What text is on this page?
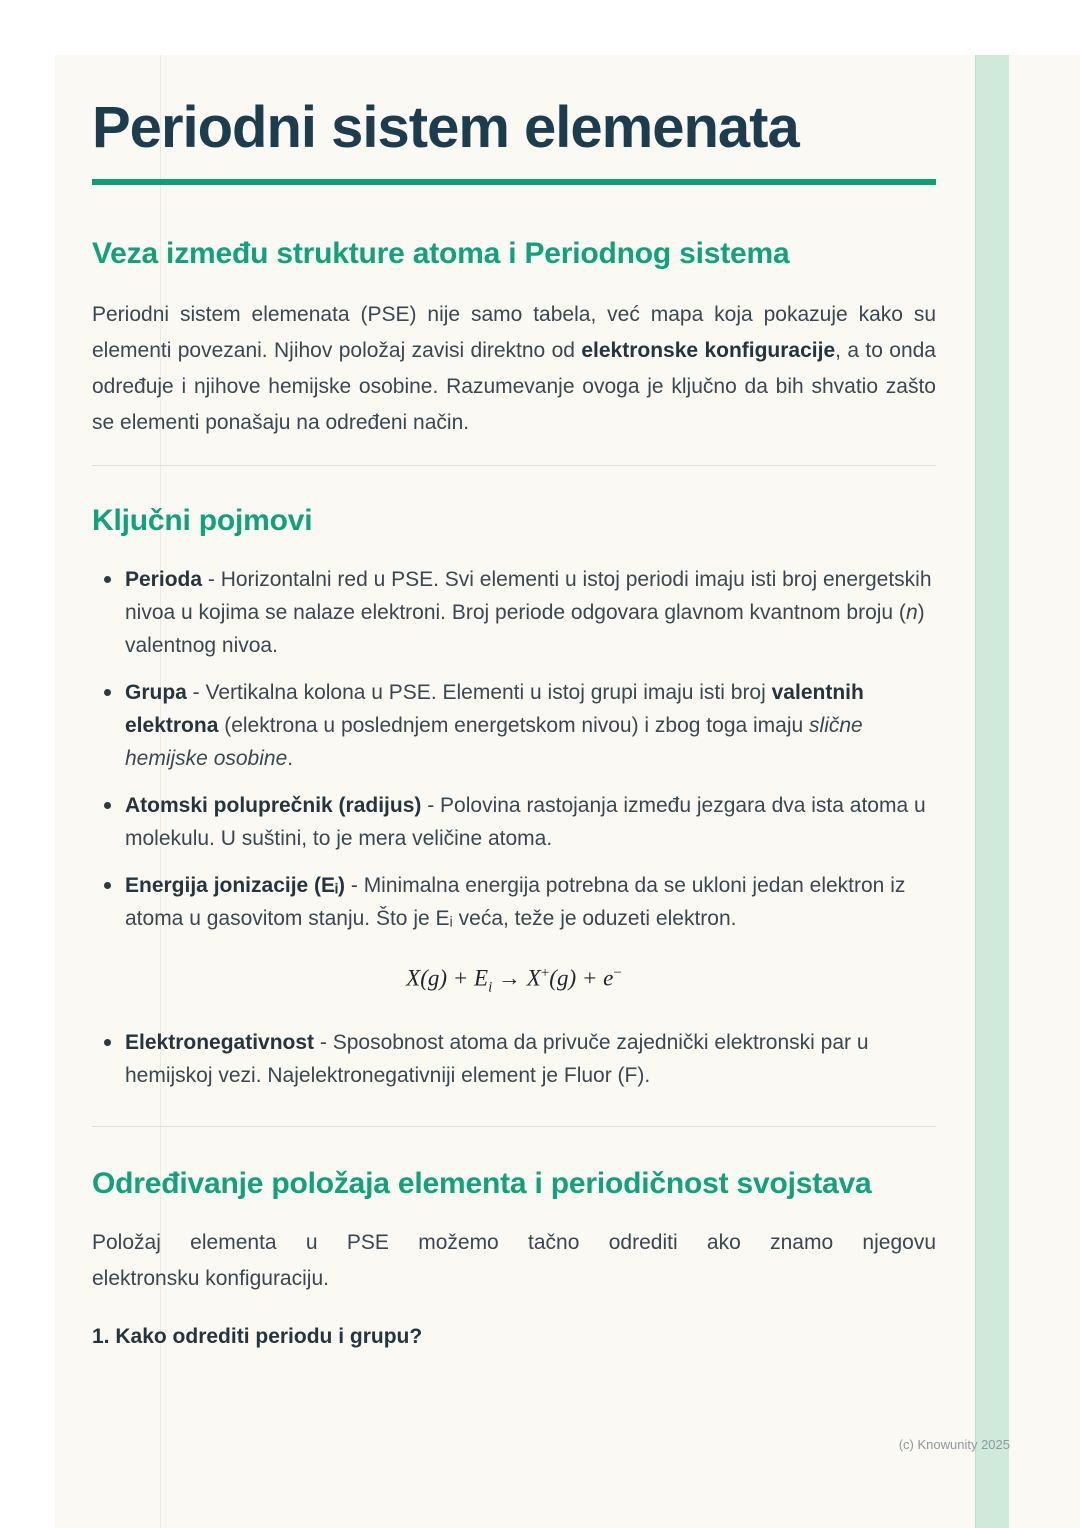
Periodni sistem elemenata
Veza između strukture atoma i Periodnog sistema

Periodni sistem elemenata (PSE) nije samo tabela, već mapa koja pokazuje kako su elementi povezani. Njihov položaj zavisi direktno od elektronske konfiguracije, a to onda određuje i njihove hemijske osobine. Razumevanje ovoga je ključno da bih shvatio zašto se elementi ponašaju na određeni način.

Ključni pojmovi
Perioda - Horizontalni red u PSE. Svi elementi u istoj periodi imaju isti broj energetskih nivoa u kojima se nalaze elektroni. Broj periode odgovara glavnom kvantnom broju (n) valentnog nivoa.
Grupa - Vertikalna kolona u PSE. Elementi u istoj grupi imaju isti broj valentnih elektrona (elektrona u poslednjem energetskom nivou) i zbog toga imaju slične hemijske osobine.
Atomski poluprečnik (radijus) - Polovina rastojanja između jezgara dva ista atoma u molekulu. U suštini, to je mera veličine atoma.
Energija jonizacije (Eᵢ) - Minimalna energija potrebna da se ukloni jedan elektron iz atoma u gasovitom stanju. Što je Eᵢ veća, teže je oduzeti elektron.
$X(g) + E_i \to X^+(g) + e^-$
Elektronegativnost - Sposobnost atoma da privuče zajednički elektronski par u hemijskoj vezi. Najelektronegativniji element je Fluor (F).
Određivanje položaja elementa i periodičnost svojstava

Položaj elementa u PSE možemo tačno odrediti ako znamo njegovu
elektronsku konfiguraciju.

1. Kako odrediti periodu i grupu?

(c) Knowunity 2025
